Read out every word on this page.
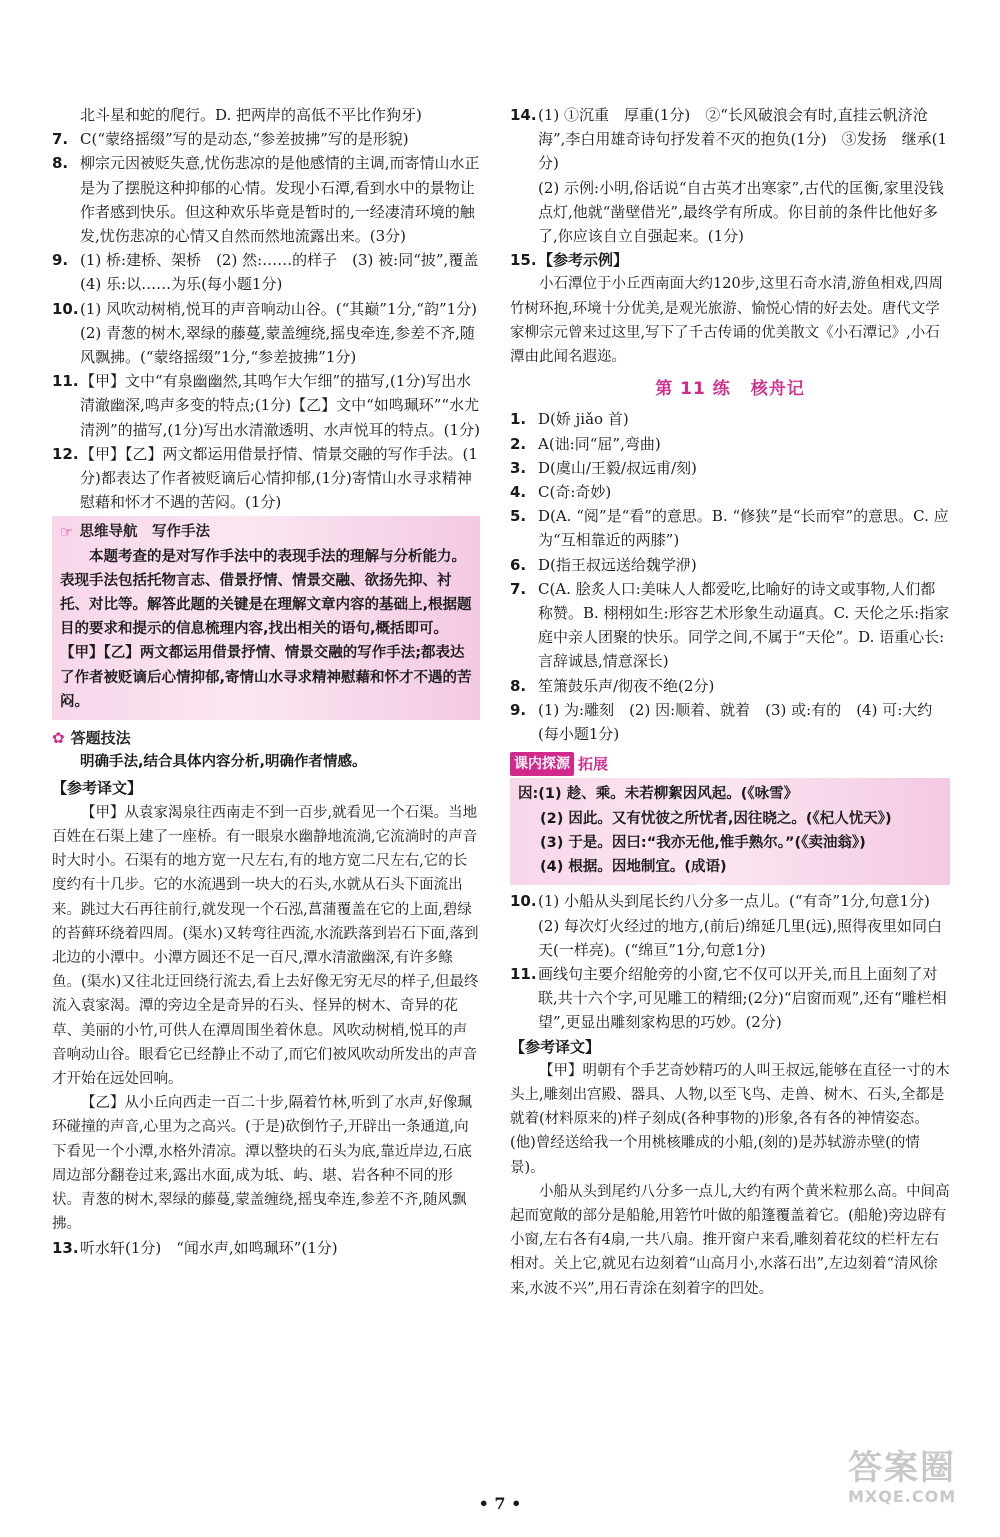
北斗星和蛇的爬行。D. 把两岸的高低不平比作狗牙)
7. C(“蒙络摇缀”写的是动态,“参差披拂”写的是形貌)
8. 柳宗元因被贬失意,忧伤悲凉的是他感情的主调,而寄情山水正是为了摆脱这种抑郁的心情。发现小石潭,看到水中的景物让作者感到快乐。但这种欢乐毕竟是暂时的,一经凄清环境的触发,忧伤悲凉的心情又自然而然地流露出来。(3分)
9. (1) 桥:建桥、架桥　(2) 然:……的样子　(3) 被:同“披”,覆盖　(4) 乐:以……为乐(每小题1分)
10. (1) 风吹动树梢,悦耳的声音响动山谷。(“其巅”1分,“韵”1分)
(2) 青葱的树木,翠绿的藤蔓,蒙盖缠绕,摇曳牵连,参差不齐,随风飘拂。(“蒙络摇缀”1分,“参差披拂”1分)
11. 【甲】文中“有泉幽幽然,其鸣乍大乍细”的描写,(1分)写出水清澈幽深,鸣声多变的特点;(1分)【乙】文中“如鸣珮环”“水尤清洌”的描写,(1分)写出水清澈透明、水声悦耳的特点。(1分)
12. 【甲】【乙】两文都运用借景抒情、情景交融的写作手法。(1分)都表达了作者被贬谪后心情抑郁,(1分)寄情山水寻求精神慰藉和怀才不遇的苦闷。(1分)
☞ 思维导航　写作手法
本题考查的是对写作手法中的表现手法的理解与分析能力。表现手法包括托物言志、借景抒情、情景交融、欲扬先抑、衬托、对比等。解答此题的关键是在理解文章内容的基础上,根据题目的要求和提示的信息梳理内容,找出相关的语句,概括即可。【甲】【乙】两文都运用借景抒情、情景交融的写作手法;都表达了作者被贬谪后心情抑郁,寄情山水寻求精神慰藉和怀才不遇的苦闷。
✿ 答题技法
明确手法,结合具体内容分析,明确作者情感。
【参考译文】
【甲】从袁家渴泉往西南走不到一百步,就看见一个石渠。当地百姓在石渠上建了一座桥。有一眼泉水幽静地流淌,它流淌时的声音时大时小。石渠有的地方宽一尺左右,有的地方宽二尺左右,它的长度约有十几步。它的水流遇到一块大的石头,水就从石头下面流出来。跳过大石再往前行,就发现一个石泓,菖蒲覆盖在它的上面,碧绿的苔藓环绕着四周。(渠水)又转弯往西流,水流跌落到岩石下面,落到北边的小潭中。小潭方圆还不足一百尺,潭水清澈幽深,有许多鲦鱼。(渠水)又往北迂回绕行流去,看上去好像无穷无尽的样子,但最终流入袁家渴。潭的旁边全是奇异的石头、怪异的树木、奇异的花草、美丽的小竹,可供人在潭周围坐着休息。风吹动树梢,悦耳的声音响动山谷。眼看它已经静止不动了,而它们被风吹动所发出的声音才开始在远处回响。
【乙】从小丘向西走一百二十步,隔着竹林,听到了水声,好像珮环碰撞的声音,心里为之高兴。(于是)砍倒竹子,开辟出一条通道,向下看见一个小潭,水格外清凉。潭以整块的石头为底,靠近岸边,石底周边部分翻卷过来,露出水面,成为坻、屿、堪、岩各种不同的形状。青葱的树木,翠绿的藤蔓,蒙盖缠绕,摇曳牵连,参差不齐,随风飘拂。
13. 听水轩(1分)　“闻水声,如鸣珮环”(1分)
14. (1) ①沉重　厚重(1分)　②“长风破浪会有时,直挂云帆济沧海”,李白用雄奇诗句抒发着不灭的抱负(1分)　③发扬　继承(1分)
(2) 示例:小明,俗话说“自古英才出寒家”,古代的匡衡,家里没钱点灯,他就“凿壁借光”,最终学有所成。你目前的条件比他好多了,你应该自立自强起来。(1分)
15. 【参考示例】
小石潭位于小丘西南面大约120步,这里石奇水清,游鱼相戏,四周竹树环抱,环境十分优美,是观光旅游、愉悦心情的好去处。唐代文学家柳宗元曾来过这里,写下了千古传诵的优美散文《小石潭记》,小石潭由此闻名遐迩。
第 11 练 核舟记
1. D(娇 jiǎo 首)
2. A(诎:同“屈”,弯曲)
3. D(虞山/王毅/叔远甫/刻)
4. C(奇:奇妙)
5. D(A. “阅”是“看”的意思。B. “修狭”是“长而窄”的意思。C. 应为“互相靠近的两膝”)
6. D(指王叔远送给魏学洢)
7. C(A. 脍炙人口:美味人人都爱吃,比喻好的诗文或事物,人们都称赞。B. 栩栩如生:形容艺术形象生动逼真。C. 天伦之乐:指家庭中亲人团聚的快乐。同学之间,不属于“天伦”。D. 语重心长:言辞诚恳,情意深长)
8. 笙箫鼓乐声/彻夜不绝(2分)
9. (1) 为:雕刻　(2) 因:顺着、就着　(3) 或:有的　(4) 可:大约(每小题1分)
课内探源 拓展
因:(1) 趁、乘。未若柳絮因风起。(《咏雪》
(2) 因此。又有忧彼之所忧者,因往晓之。(《杞人忧天》)
(3) 于是。因曰:“我亦无他,惟手熟尔。”(《卖油翁》)
(4) 根据。因地制宜。(成语)
10. (1) 小船从头到尾长约八分多一点儿。(“有奇”1分,句意1分)
(2) 每次灯火经过的地方,(前后)绵延几里(远),照得夜里如同白天(一样亮)。(“绵亘”1分,句意1分)
11. 画线句主要介绍舱旁的小窗,它不仅可以开关,而且上面刻了对联,共十六个字,可见雕工的精细;(2分)“启窗而观”,还有“雕栏相望”,更显出雕刻家构思的巧妙。(2分)
【参考译文】
【甲】明朝有个手艺奇妙精巧的人叫王叔远,能够在直径一寸的木头上,雕刻出宫殿、器具、人物,以至飞鸟、走兽、树木、石头,全都是就着(材料原来的)样子刻成(各种事物的)形象,各有各的神情姿态。(他)曾经送给我一个用桃核雕成的小船,(刻的)是苏轼游赤壁(的情景)。
小船从头到尾约八分多一点儿,大约有两个黄米粒那么高。中间高起而宽敞的部分是船舱,用箬竹叶做的船篷覆盖着它。(船舱)旁边辟有小窗,左右各有4扇,一共八扇。推开窗户来看,雕刻着花纹的栏杆左右相对。关上它,就见右边刻着“山高月小,水落石出”,左边刻着“清风徐来,水波不兴”,用石青涂在刻着字的凹处。
• 7 •
答案圈
MXQE.COM
